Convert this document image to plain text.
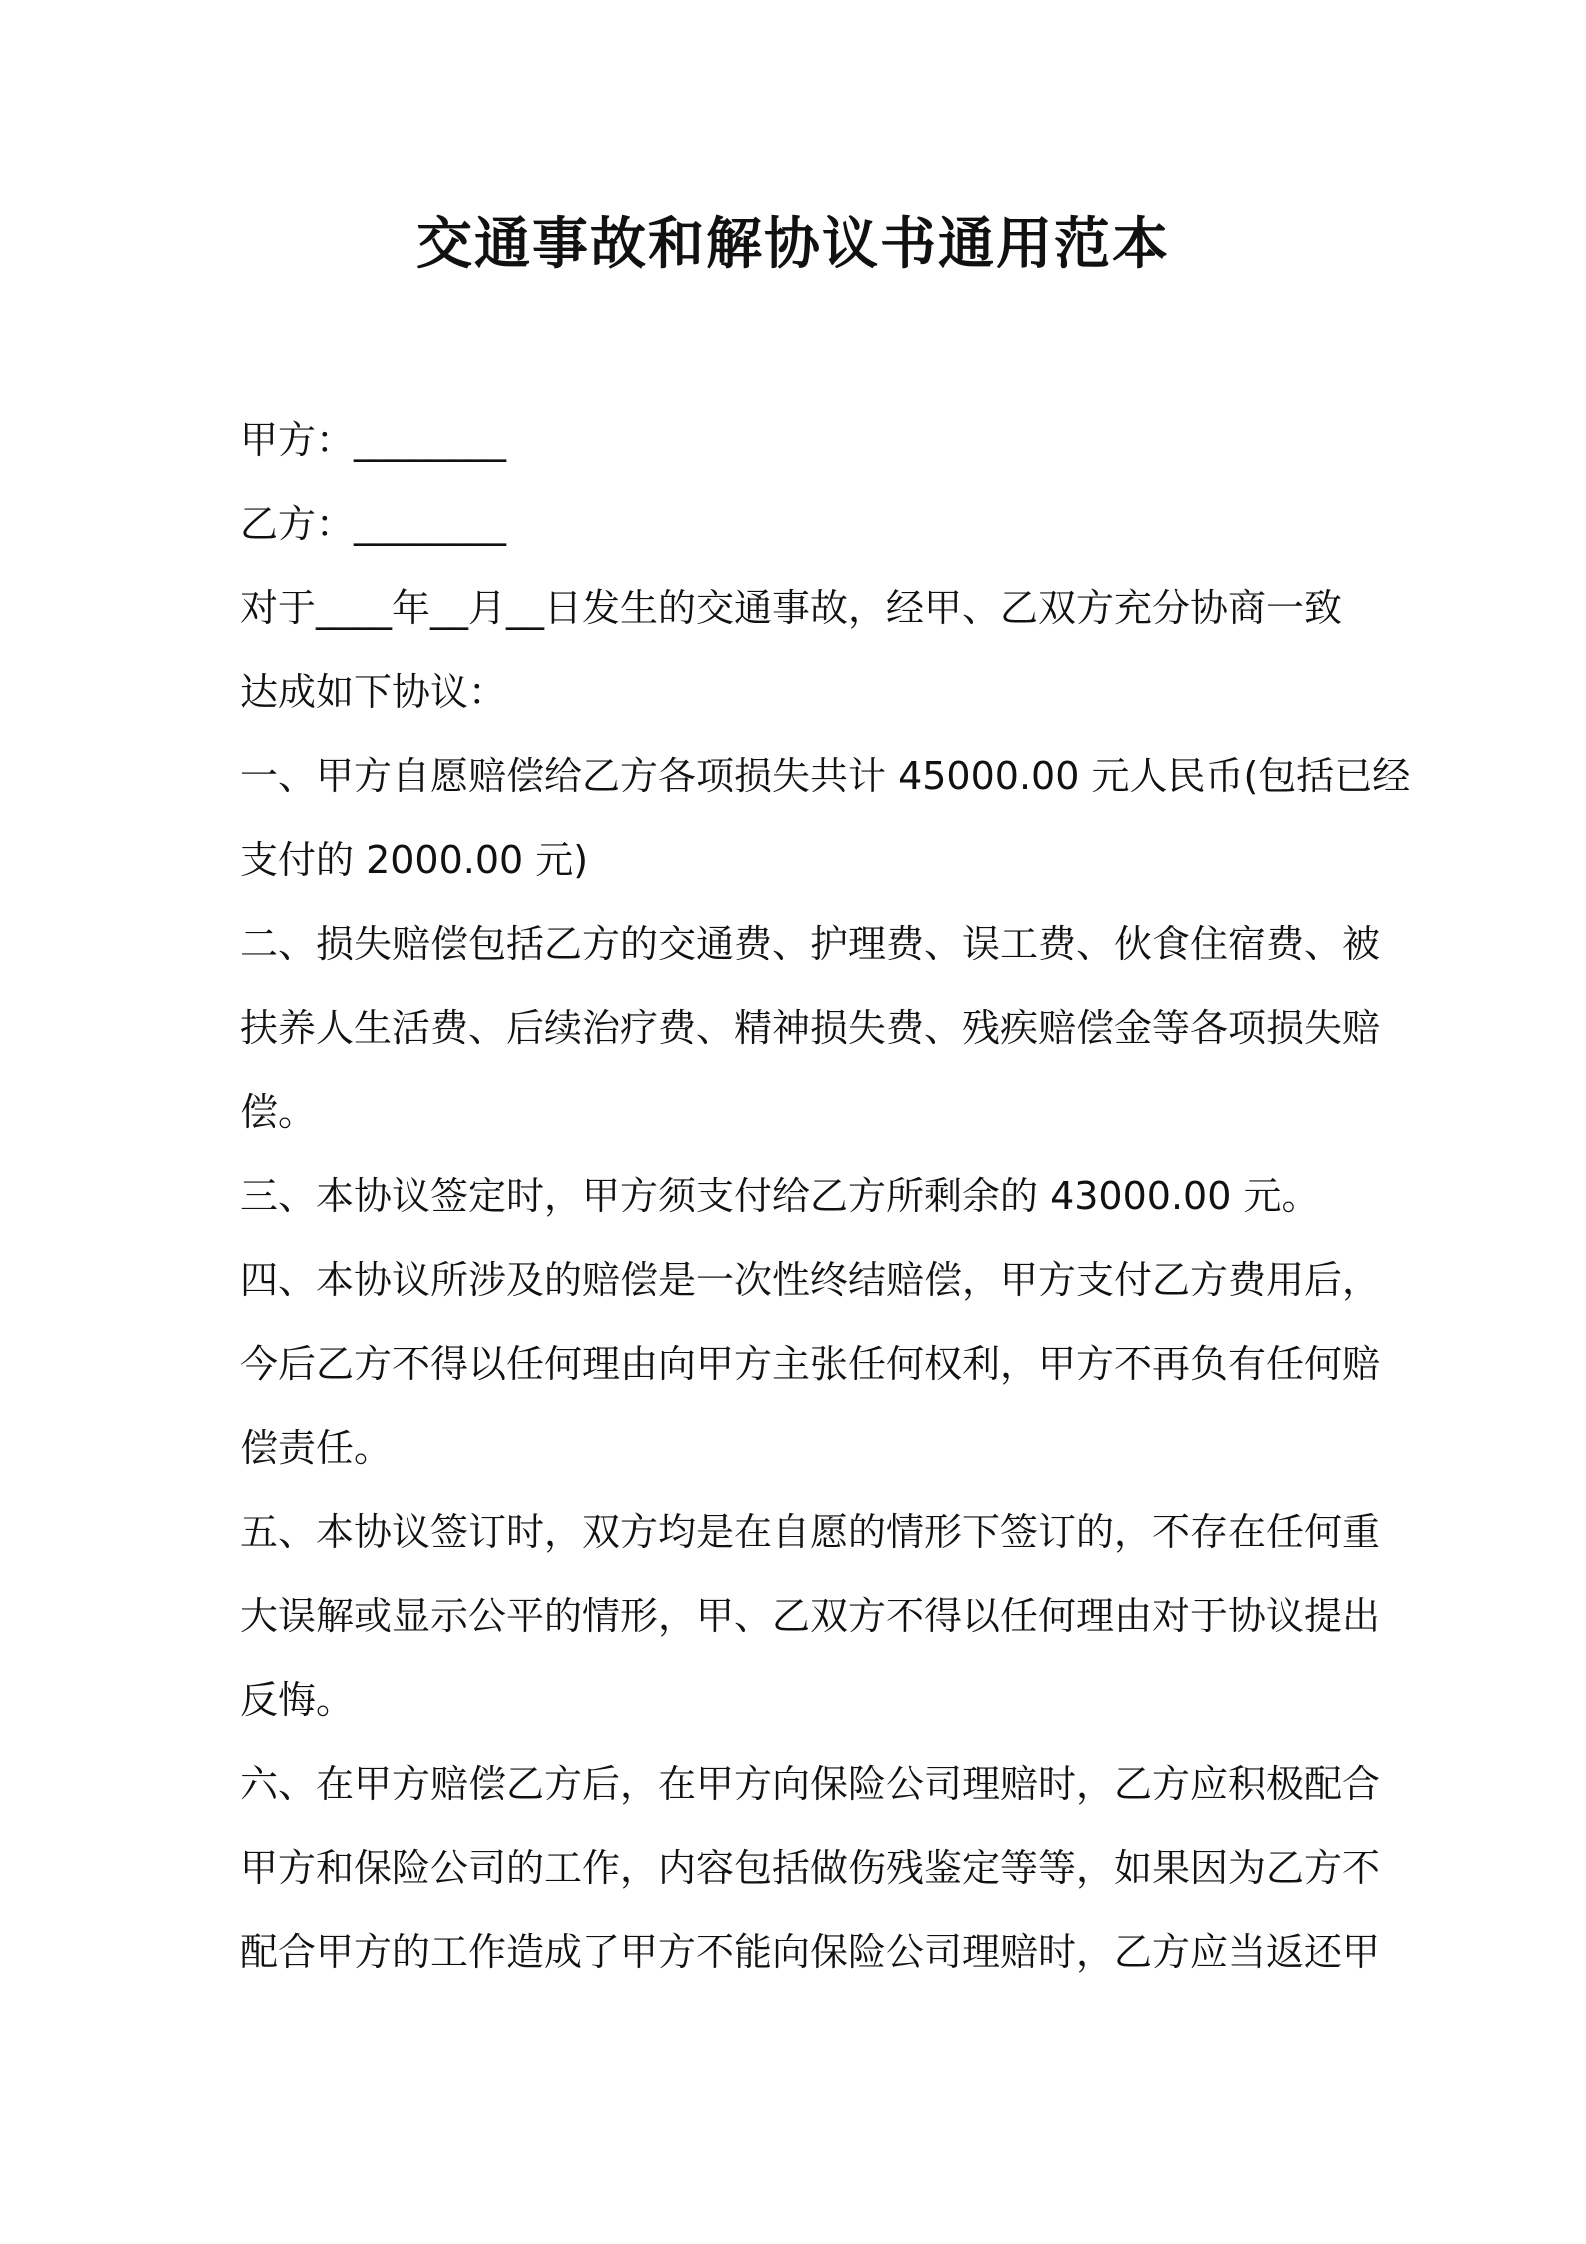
交通事故和解协议书通用范本

甲方：________

乙方：________

对于____年__月__日发生的交通事故，经甲、乙双方充分协商一致

达成如下协议：

一、甲方自愿赔偿给乙方各项损失共计 45000.00 元人民币(包括已经

支付的 2000.00 元)

二、损失赔偿包括乙方的交通费、护理费、误工费、伙食住宿费、被

扶养人生活费、后续治疗费、精神损失费、残疾赔偿金等各项损失赔

偿。

三、本协议签定时，甲方须支付给乙方所剩余的 43000.00 元。

四、本协议所涉及的赔偿是一次性终结赔偿，甲方支付乙方费用后，

今后乙方不得以任何理由向甲方主张任何权利，甲方不再负有任何赔

偿责任。

五、本协议签订时，双方均是在自愿的情形下签订的，不存在任何重

大误解或显示公平的情形，甲、乙双方不得以任何理由对于协议提出

反悔。

六、在甲方赔偿乙方后，在甲方向保险公司理赔时，乙方应积极配合

甲方和保险公司的工作，内容包括做伤残鉴定等等，如果因为乙方不

配合甲方的工作造成了甲方不能向保险公司理赔时，乙方应当返还甲
